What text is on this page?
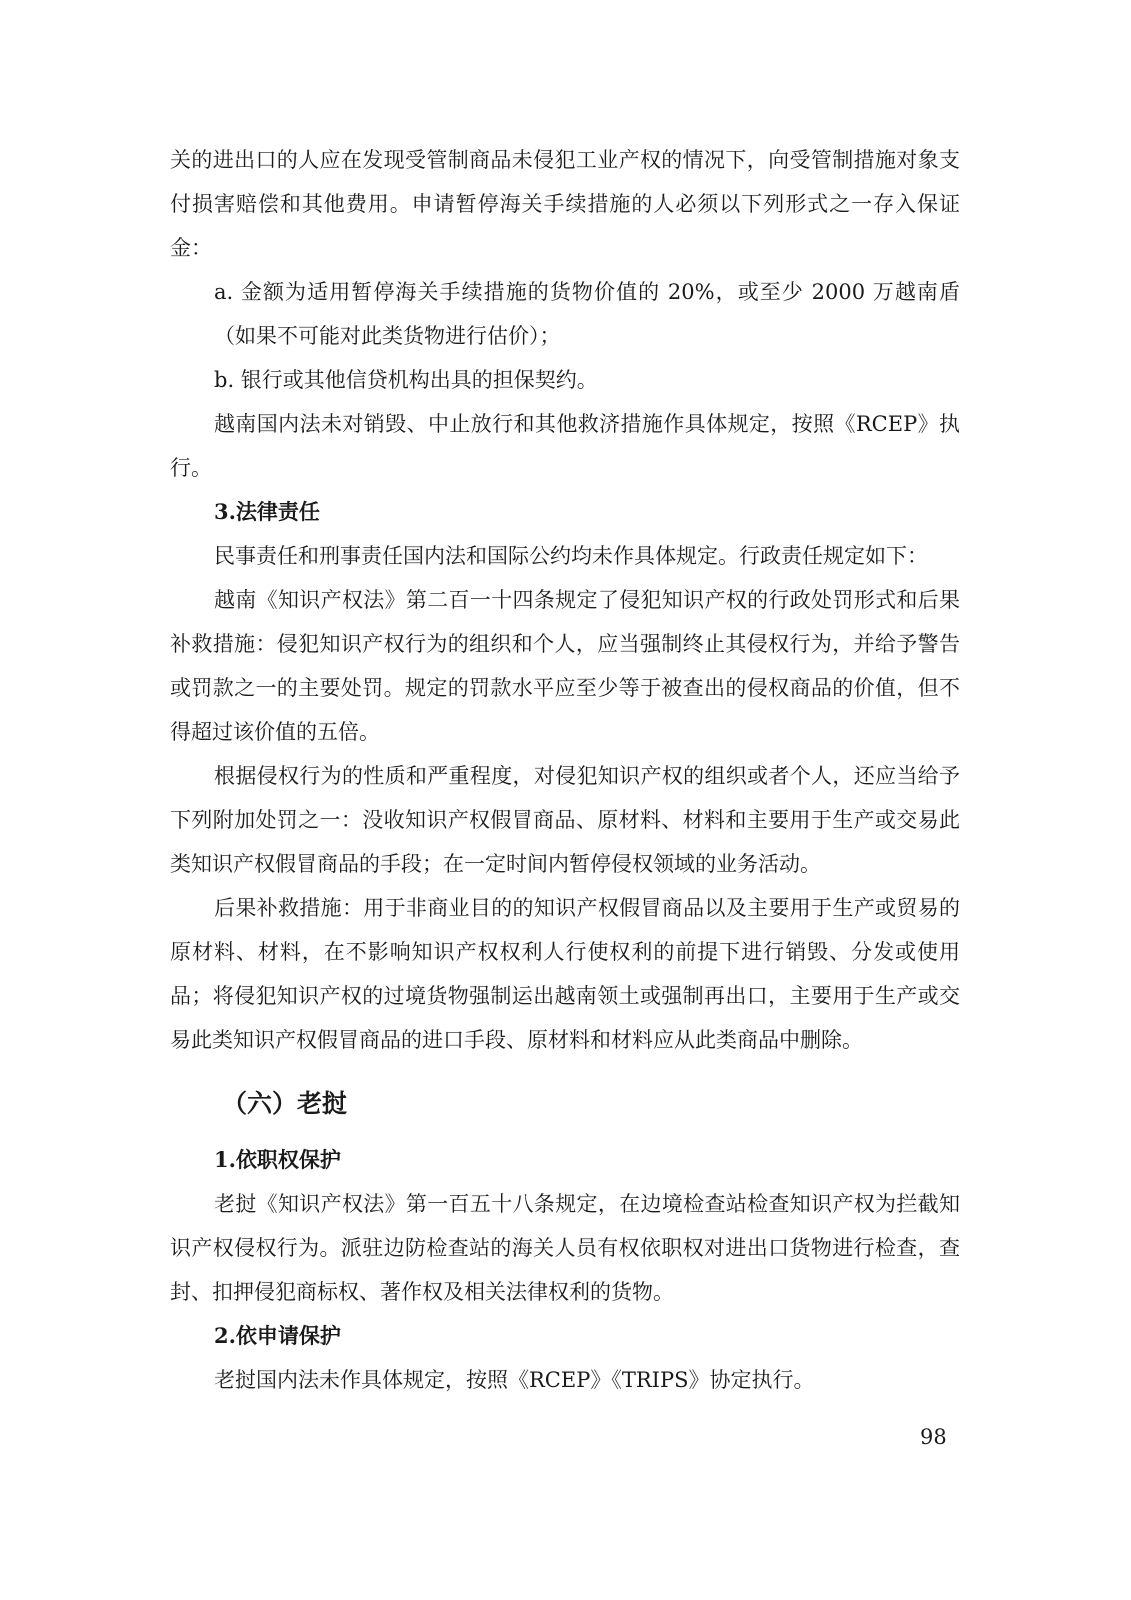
关的进出口的人应在发现受管制商品未侵犯工业产权的情况下，向受管制措施对象支付损害赔偿和其他费用。申请暂停海关手续措施的人必须以下列形式之一存入保证金：

a. 金额为适用暂停海关手续措施的货物价值的 20%，或至少 2000 万越南盾（如果不可能对此类货物进行估价）；

b. 银行或其他信贷机构出具的担保契约。

越南国内法未对销毁、中止放行和其他救济措施作具体规定，按照《RCEP》执行。

3.法律责任

民事责任和刑事责任国内法和国际公约均未作具体规定。行政责任规定如下：

越南《知识产权法》第二百一十四条规定了侵犯知识产权的行政处罚形式和后果补救措施：侵犯知识产权行为的组织和个人，应当强制终止其侵权行为，并给予警告或罚款之一的主要处罚。规定的罚款水平应至少等于被查出的侵权商品的价值，但不得超过该价值的五倍。

根据侵权行为的性质和严重程度，对侵犯知识产权的组织或者个人，还应当给予下列附加处罚之一：没收知识产权假冒商品、原材料、材料和主要用于生产或交易此类知识产权假冒商品的手段；在一定时间内暂停侵权领域的业务活动。

后果补救措施：用于非商业目的的知识产权假冒商品以及主要用于生产或贸易的原材料、材料，在不影响知识产权权利人行使权利的前提下进行销毁、分发或使用品；将侵犯知识产权的过境货物强制运出越南领土或强制再出口，主要用于生产或交易此类知识产权假冒商品的进口手段、原材料和材料应从此类商品中删除。

（六）老挝
1.依职权保护

老挝《知识产权法》第一百五十八条规定，在边境检查站检查知识产权为拦截知识产权侵权行为。派驻边防检查站的海关人员有权依职权对进出口货物进行检查，查封、扣押侵犯商标权、著作权及相关法律权利的货物。

2.依申请保护

老挝国内法未作具体规定，按照《RCEP》《TRIPS》协定执行。

98
